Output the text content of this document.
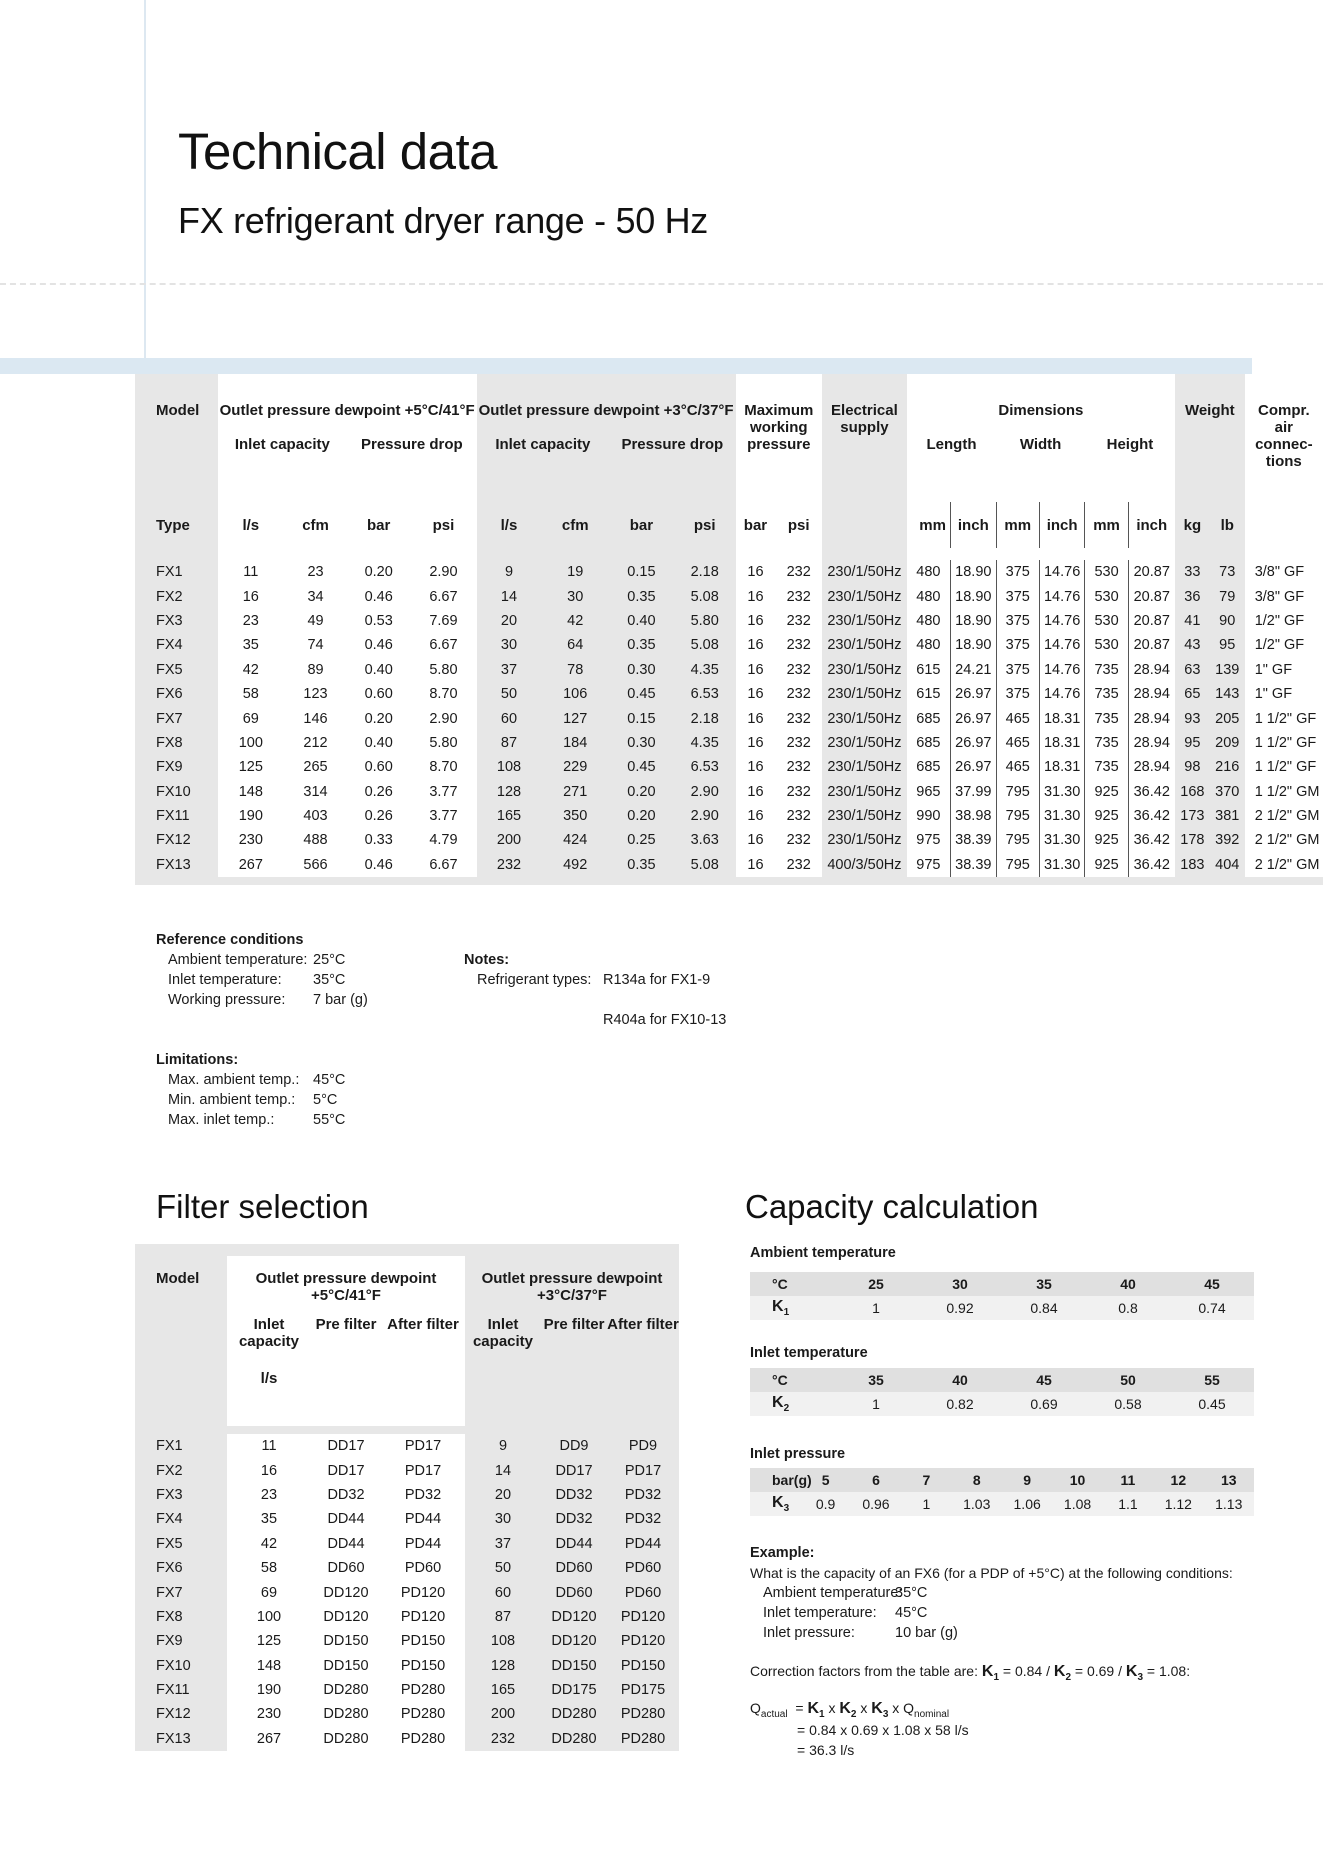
Technical data
FX refrigerant dryer range - 50 Hz
Model	Outlet pressure dewpoint +5°C/41°F				Outlet pressure dewpoint +3°C/37°F				Maximum working pressure		Electrical supply	Dimensions						Weight		Compr. air connec- tions
	Inlet capacity		Pressure drop		Inlet capacity		Pressure drop					Length		Width		Height				
Type	l/s	cfm	bar	psi	l/s	cfm	bar	psi	bar	psi		mm	inch	mm	inch	mm	inch	kg	lb	

FX1	11	23	0.20	2.90	9	19	0.15	2.18	16	232	230/1/50Hz	480	18.90	375	14.76	530	20.87	33	73	3/8" GF
FX2	16	34	0.46	6.67	14	30	0.35	5.08	16	232	230/1/50Hz	480	18.90	375	14.76	530	20.87	36	79	3/8" GF
FX3	23	49	0.53	7.69	20	42	0.40	5.80	16	232	230/1/50Hz	480	18.90	375	14.76	530	20.87	41	90	1/2" GF
FX4	35	74	0.46	6.67	30	64	0.35	5.08	16	232	230/1/50Hz	480	18.90	375	14.76	530	20.87	43	95	1/2" GF
FX5	42	89	0.40	5.80	37	78	0.30	4.35	16	232	230/1/50Hz	615	24.21	375	14.76	735	28.94	63	139	1" GF
FX6	58	123	0.60	8.70	50	106	0.45	6.53	16	232	230/1/50Hz	615	26.97	375	14.76	735	28.94	65	143	1" GF
FX7	69	146	0.20	2.90	60	127	0.15	2.18	16	232	230/1/50Hz	685	26.97	465	18.31	735	28.94	93	205	1 1/2" GF
FX8	100	212	0.40	5.80	87	184	0.30	4.35	16	232	230/1/50Hz	685	26.97	465	18.31	735	28.94	95	209	1 1/2" GF
FX9	125	265	0.60	8.70	108	229	0.45	6.53	16	232	230/1/50Hz	685	26.97	465	18.31	735	28.94	98	216	1 1/2" GF
FX10	148	314	0.26	3.77	128	271	0.20	2.90	16	232	230/1/50Hz	965	37.99	795	31.30	925	36.42	168	370	1 1/2" GM
FX11	190	403	0.26	3.77	165	350	0.20	2.90	16	232	230/1/50Hz	990	38.98	795	31.30	925	36.42	173	381	2 1/2" GM
FX12	230	488	0.33	4.79	200	424	0.25	3.63	16	232	230/1/50Hz	975	38.39	795	31.30	925	36.42	178	392	2 1/2" GM
FX13	267	566	0.46	6.67	232	492	0.35	5.08	16	232	400/3/50Hz	975	38.39	795	31.30	925	36.42	183	404	2 1/2" GM

Reference conditions
Ambient temperature: 25°C
Inlet temperature: 35°C
Working pressure: 7 bar (g)
Notes:
Refrigerant types: R134a for FX1-9
R404a for FX10-13
Limitations:
Max. ambient temp.: 45°C
Min. ambient temp.: 5°C
Max. inlet temp.:	55°C
Filter selection

Model	Outlet pressure dewpoint +5°C/41°F			Outlet pressure dewpoint +3°C/37°F		
	Inlet capacity	Pre filter	After filter	Inlet capacity	Pre filter	After filter
	l/s					

FX1	11	DD17	PD17	9	DD9	PD9
FX2	16	DD17	PD17	14	DD17	PD17
FX3	23	DD32	PD32	20	DD32	PD32
FX4	35	DD44	PD44	30	DD32	PD32
FX5	42	DD44	PD44	37	DD44	PD44
FX6	58	DD60	PD60	50	DD60	PD60
FX7	69	DD120	PD120	60	DD60	PD60
FX8	100	DD120	PD120	87	DD120	PD120
FX9	125	DD150	PD150	108	DD120	PD120
FX10	148	DD150	PD150	128	DD150	PD150
FX11	190	DD280	PD280	165	DD175	PD175
FX12	230	DD280	PD280	200	DD280	PD280
FX13	267	DD280	PD280	232	DD280	PD280
Capacity calculation
Ambient temperature
°C	25	30	35	40	45
$K_1$	1	0.92	0.84	0.8	0.74
Inlet temperature
°C	35	40	45	50	55
$K_2$	1	0.82	0.69	0.58	0.45
Inlet pressure
bar(g)	5	6	7	8	9	10	11	12	13
$K_3$	0.9	0.96	1	1.03	1.06	1.08	1.1	1.12	1.13
Example:
What is the capacity of an FX6 (for a PDP of +5°C) at the following conditions:
Ambient temperature:
35°C
Inlet temperature: 45°C
Inlet pressure:	10 bar (g)
Correction factors from the table are: $K_1 = 0.84 / K_2 = 0.69 / K_3 = 1.08$:
$Q_{actual} = K_1$ x $K_2$ x $K_3$ x $Q_{nominal}$
= 0.84 x 0.69 x 1.08 x 58 l/s
= 36.3 l/s
